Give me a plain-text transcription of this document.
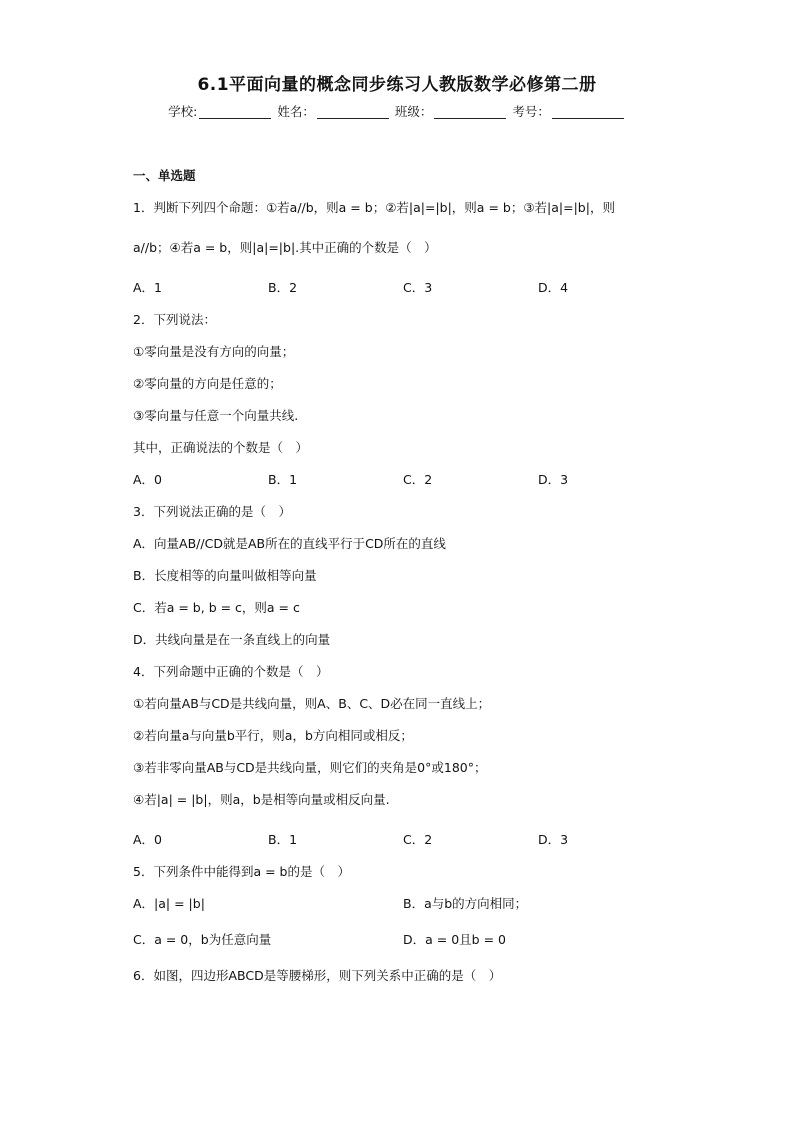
6.1平面向量的概念同步练习人教版数学必修第二册
学校:	姓名：	班级：	考号：
一、单选题
1．判断下列四个命题：①若a//b，则a = b；②若|a|=|b|，则a = b；③若|a|=|b|，则
a//b；④若a = b，则|a|=|b|.其中正确的个数是（　）
A．1	B．2	C．3	D．4
2．下列说法：
①零向量是没有方向的向量；
②零向量的方向是任意的；
③零向量与任意一个向量共线.
其中，正确说法的个数是（　）
A．0	B．1	C．2	D．3
3．下列说法正确的是（　）
A．向量AB//CD就是AB所在的直线平行于CD所在的直线
B．长度相等的向量叫做相等向量
C．若a = b, b = c，则a = c
D．共线向量是在一条直线上的向量
4．下列命题中正确的个数是（　）
①若向量AB与CD是共线向量，则A、B、C、D必在同一直线上；
②若向量a与向量b平行，则a，b方向相同或相反；
③若非零向量AB与CD是共线向量，则它们的夹角是0°或180°；
④若|a| = |b|，则a，b是相等向量或相反向量.
A．0	B．1	C．2	D．3
5．下列条件中能得到a = b的是（　）
A．|a| = |b|	B．a与b的方向相同；
C．a = 0，b为任意向量	D．a = 0且b = 0
6．如图，四边形ABCD是等腰梯形，则下列关系中正确的是（　）
